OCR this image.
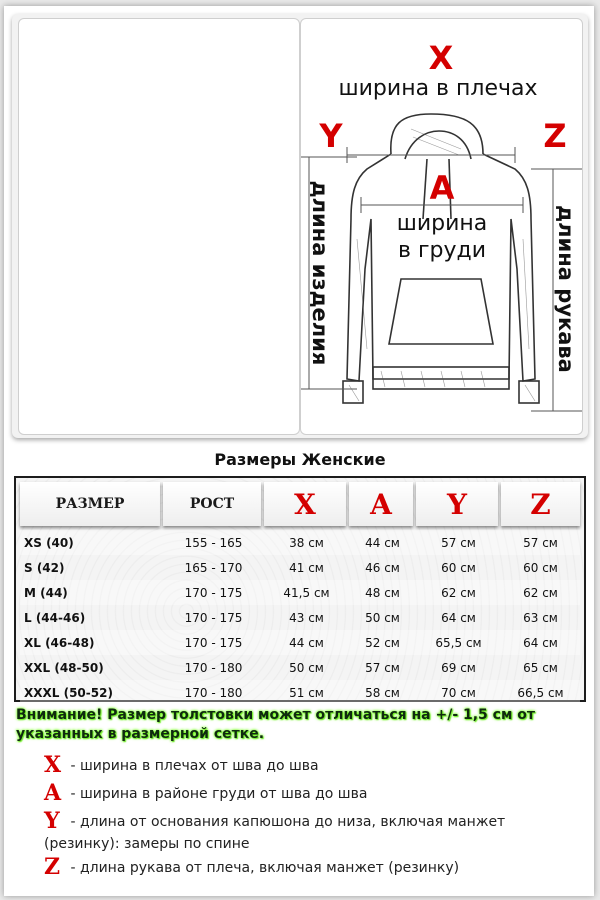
X
Y	Z
A
ширина в плечах
ширина
в груди
длина изделия	длина рукава
Размеры Женские
РАЗМЕР	РОСТ	X	A	Y	Z
XS (40)	155 - 165	38 см	44 см	57 см	57 см
S (42)	165 - 170	41 см	46 см	60 см	60 см
M (44)	170 - 175	41,5 см	48 см	62 см	62 см
L (44-46)	170 - 175	43 см	50 см	64 см	63 см
XL (46-48)	170 - 175	44 см	52 см	65,5 см	64 см
XXL (48-50)	170 - 180	50 см	57 см	69 см	65 см
XXXL (50-52)	170 - 180	51 см	58 см	70 см	66,5 см
Внимание! Размер толстовки может отличаться на +/- 1,5 см от указанных в размерной сетке.
X - ширина в плечах от шва до шва
A - ширина в районе груди от шва до шва
Y - длина от основания капюшона до низа, включая манжет (резинку): замеры по спине
Z - длина рукава от плеча, включая манжет (резинку)
